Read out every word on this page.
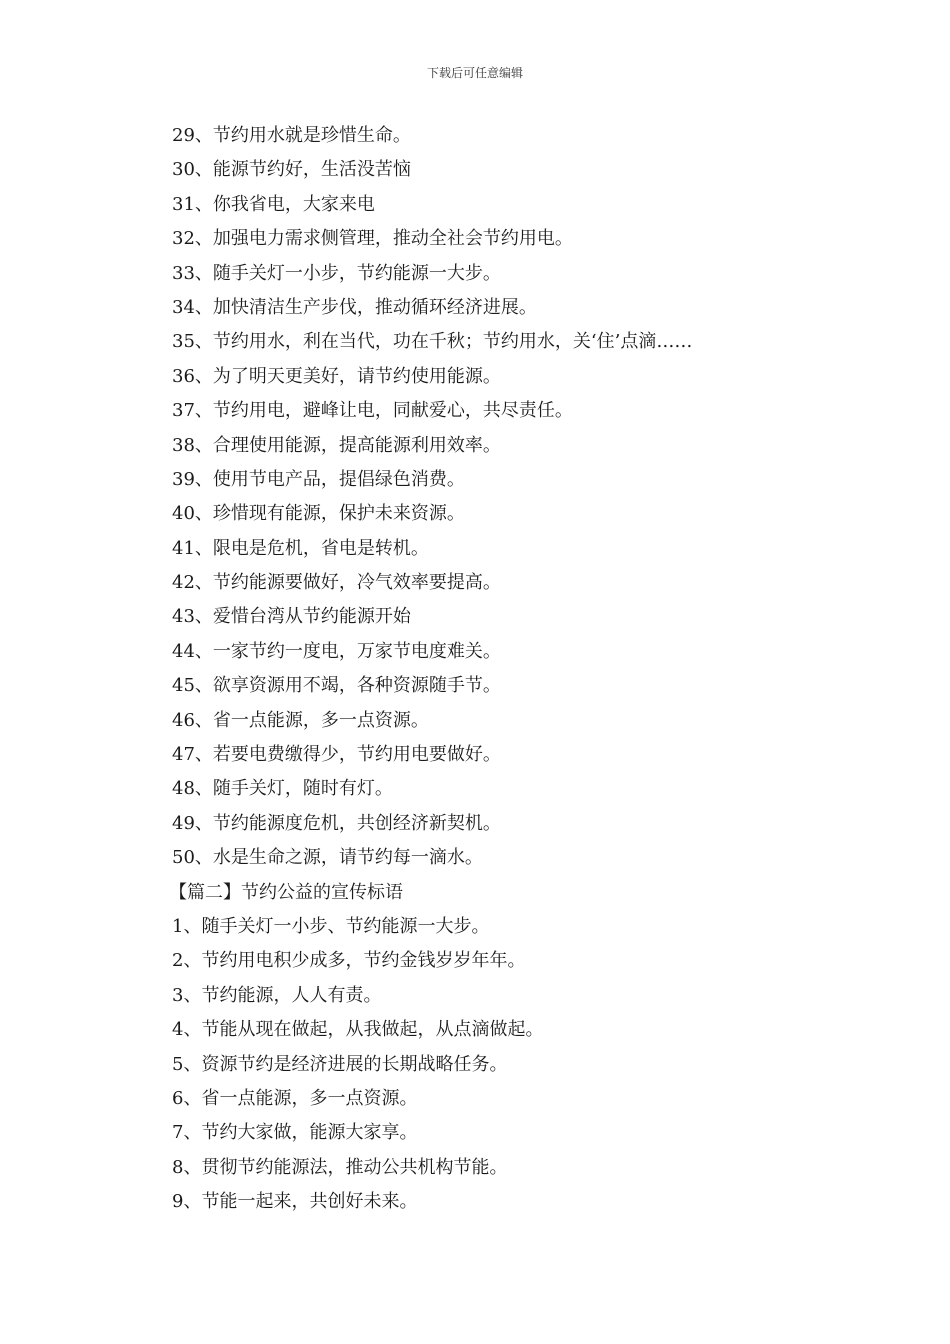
下载后可任意编辑
29、节约用水就是珍惜生命。
30、能源节约好，生活没苦恼
31、你我省电，大家来电
32、加强电力需求侧管理，推动全社会节约用电。
33、随手关灯一小步，节约能源一大步。
34、加快清洁生产步伐，推动循环经济进展。
35、节约用水，利在当代，功在千秋；节约用水，关‘住’点滴……
36、为了明天更美好，请节约使用能源。
37、节约用电，避峰让电，同献爱心，共尽责任。
38、合理使用能源，提高能源利用效率。
39、使用节电产品，提倡绿色消费。
40、珍惜现有能源，保护未来资源。
41、限电是危机，省电是转机。
42、节约能源要做好，冷气效率要提高。
43、爱惜台湾从节约能源开始
44、一家节约一度电，万家节电度难关。
45、欲享资源用不竭，各种资源随手节。
46、省一点能源，多一点资源。
47、若要电费缴得少，节约用电要做好。
48、随手关灯，随时有灯。
49、节约能源度危机，共创经济新契机。
50、水是生命之源，请节约每一滴水。
【篇二】节约公益的宣传标语
1、随手关灯一小步、节约能源一大步。
2、节约用电积少成多，节约金钱岁岁年年。
3、节约能源，人人有责。
4、节能从现在做起，从我做起，从点滴做起。
5、资源节约是经济进展的长期战略任务。
6、省一点能源，多一点资源。
7、节约大家做，能源大家享。
8、贯彻节约能源法，推动公共机构节能。
9、节能一起来，共创好未来。
